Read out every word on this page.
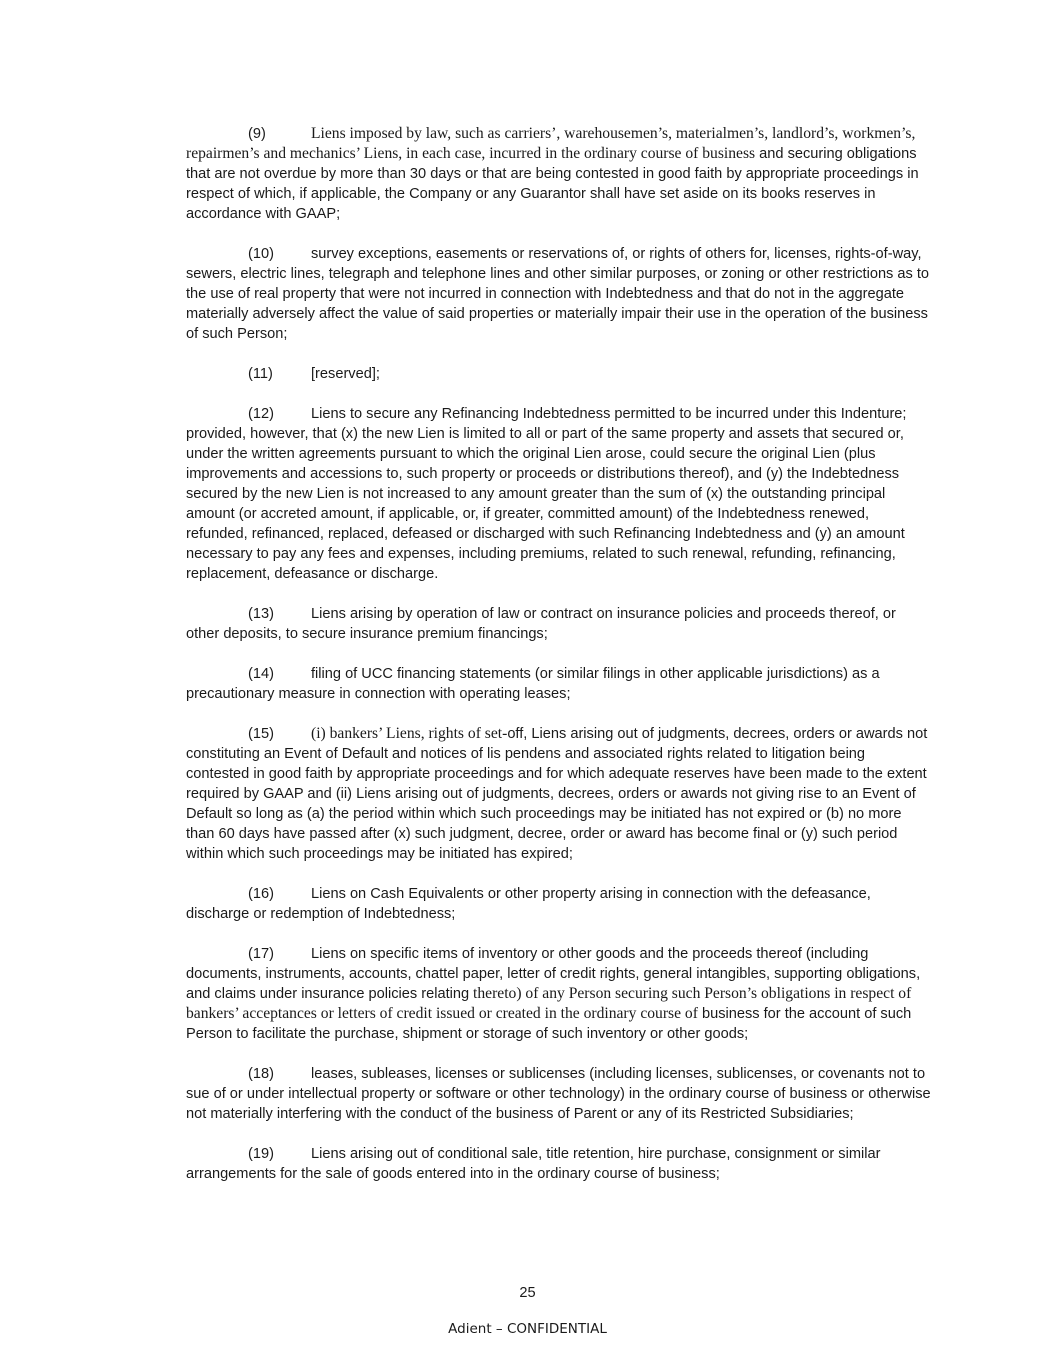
(9)	Liens imposed by law, such as carriers’, warehousemen’s, materialmen’s, landlord’s, workmen’s, repairmen’s and mechanics’ Liens, in each case, incurred in the ordinary course of business and securing obligations that are not overdue by more than 30 days or that are being contested in good faith by appropriate proceedings in respect of which, if applicable, the Company or any Guarantor shall have set aside on its books reserves in accordance with GAAP;

(10)	survey exceptions, easements or reservations of, or rights of others for, licenses, rights-of-way, sewers, electric lines, telegraph and telephone lines and other similar purposes, or zoning or other restrictions as to the use of real property that were not incurred in connection with Indebtedness and that do not in the aggregate materially adversely affect the value of said properties or materially impair their use in the operation of the business of such Person;

(11)	[reserved];

(12)	Liens to secure any Refinancing Indebtedness permitted to be incurred under this Indenture; provided, however, that (x) the new Lien is limited to all or part of the same property and assets that secured or, under the written agreements pursuant to which the original Lien arose, could secure the original Lien (plus improvements and accessions to, such property or proceeds or distributions thereof), and (y) the Indebtedness secured by the new Lien is not increased to any amount greater than the sum of (x) the outstanding principal amount (or accreted amount, if applicable, or, if greater, committed amount) of the Indebtedness renewed, refunded, refinanced, replaced, defeased or discharged with such Refinancing Indebtedness and (y) an amount necessary to pay any fees and expenses, including premiums, related to such renewal, refunding, refinancing, replacement, defeasance or discharge.

(13)	Liens arising by operation of law or contract on insurance policies and proceeds thereof, or other deposits, to secure insurance premium financings;

(14)	filing of UCC financing statements (or similar filings in other applicable jurisdictions) as a precautionary measure in connection with operating leases;

(15) (i) bankers’ Liens, rights of set-off, Liens arising out of judgments, decrees, orders or awards not constituting an Event of Default and notices of lis pendens and associated rights related to litigation being contested in good faith by appropriate proceedings and for which adequate reserves have been made to the extent required by GAAP and (ii) Liens arising out of judgments, decrees, orders or awards not giving rise to an Event of Default so long as (a) the period within which such proceedings may be initiated has not expired or (b) no more than 60 days have passed after (x) such judgment, decree, order or award has become final or (y) such period within which such proceedings may be initiated has expired;

(16)	Liens on Cash Equivalents or other property arising in connection with the defeasance, discharge or redemption of Indebtedness;

(17)	Liens on specific items of inventory or other goods and the proceeds thereof (including documents, instruments, accounts, chattel paper, letter of credit rights, general intangibles, supporting obligations, and claims under insurance policies relating thereto) of any Person securing such Person’s obligations in respect of bankers’ acceptances or letters of credit issued or created in the ordinary course of business for the account of such Person to facilitate the purchase, shipment or storage of such inventory or other goods;

(18)	leases, subleases, licenses or sublicenses (including licenses, sublicenses, or covenants not to sue of or under intellectual property or software or other technology) in the ordinary course of business or otherwise not materially interfering with the conduct of the business of Parent or any of its Restricted Subsidiaries;

(19)	Liens arising out of conditional sale, title retention, hire purchase, consignment or similar arrangements for the sale of goods entered into in the ordinary course of business;

25
Adient – CONFIDENTIAL
